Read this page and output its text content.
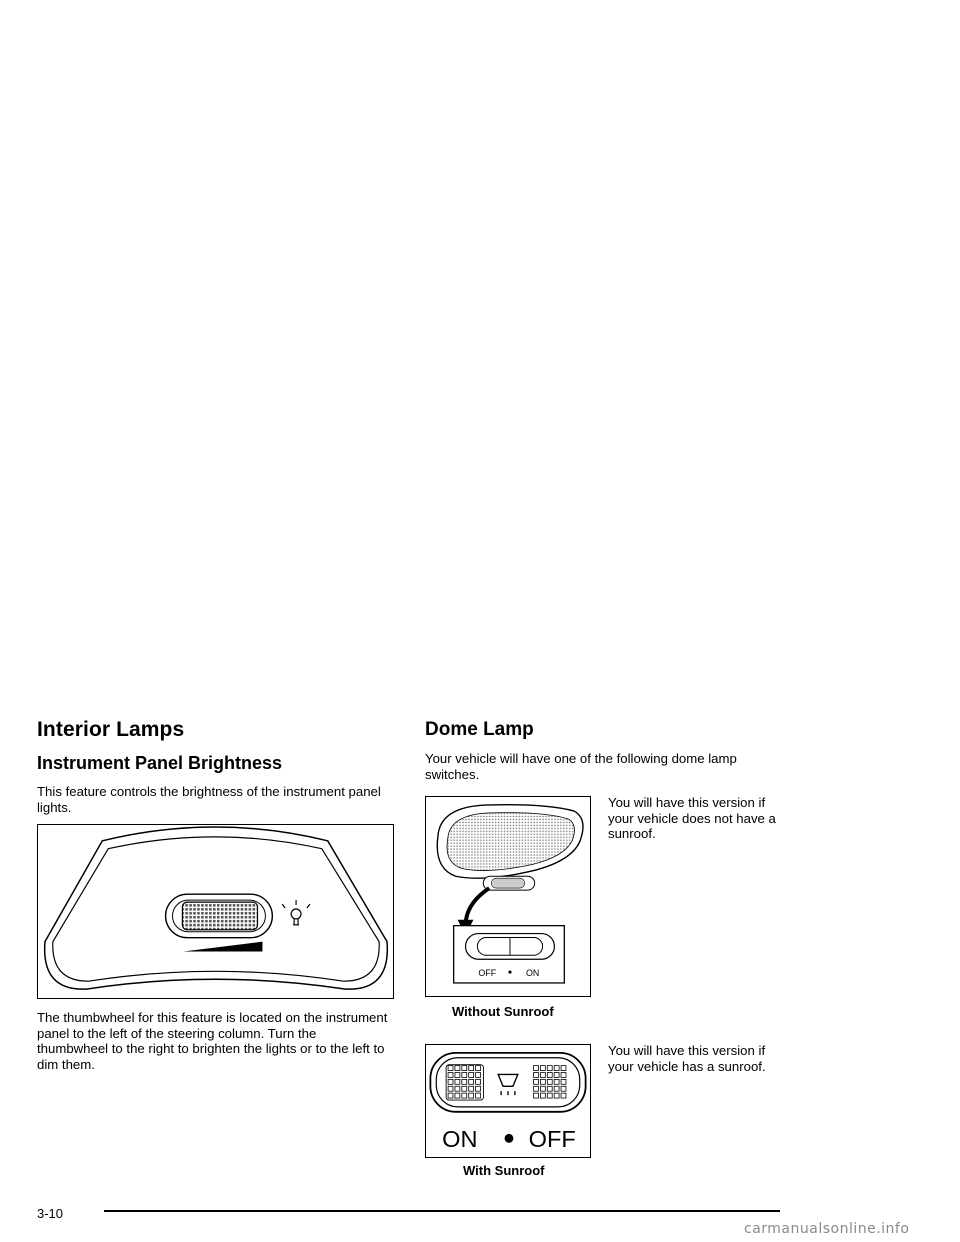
Interior Lamps
Instrument Panel Brightness

This feature controls the brightness of the instrument panel lights.

The thumbwheel for this feature is located on the instrument panel to the left of the steering column. Turn the thumbwheel to the right to brighten the lights or to the left to dim them.

Dome Lamp

Your vehicle will have one of the following dome lamp switches.

OFF	ON
Without Sunroof

You will have this version if your vehicle does not have a sunroof.

ON OFF
With Sunroof

You will have this version if your vehicle has a sunroof.

3-10
carmanualsonline.info
